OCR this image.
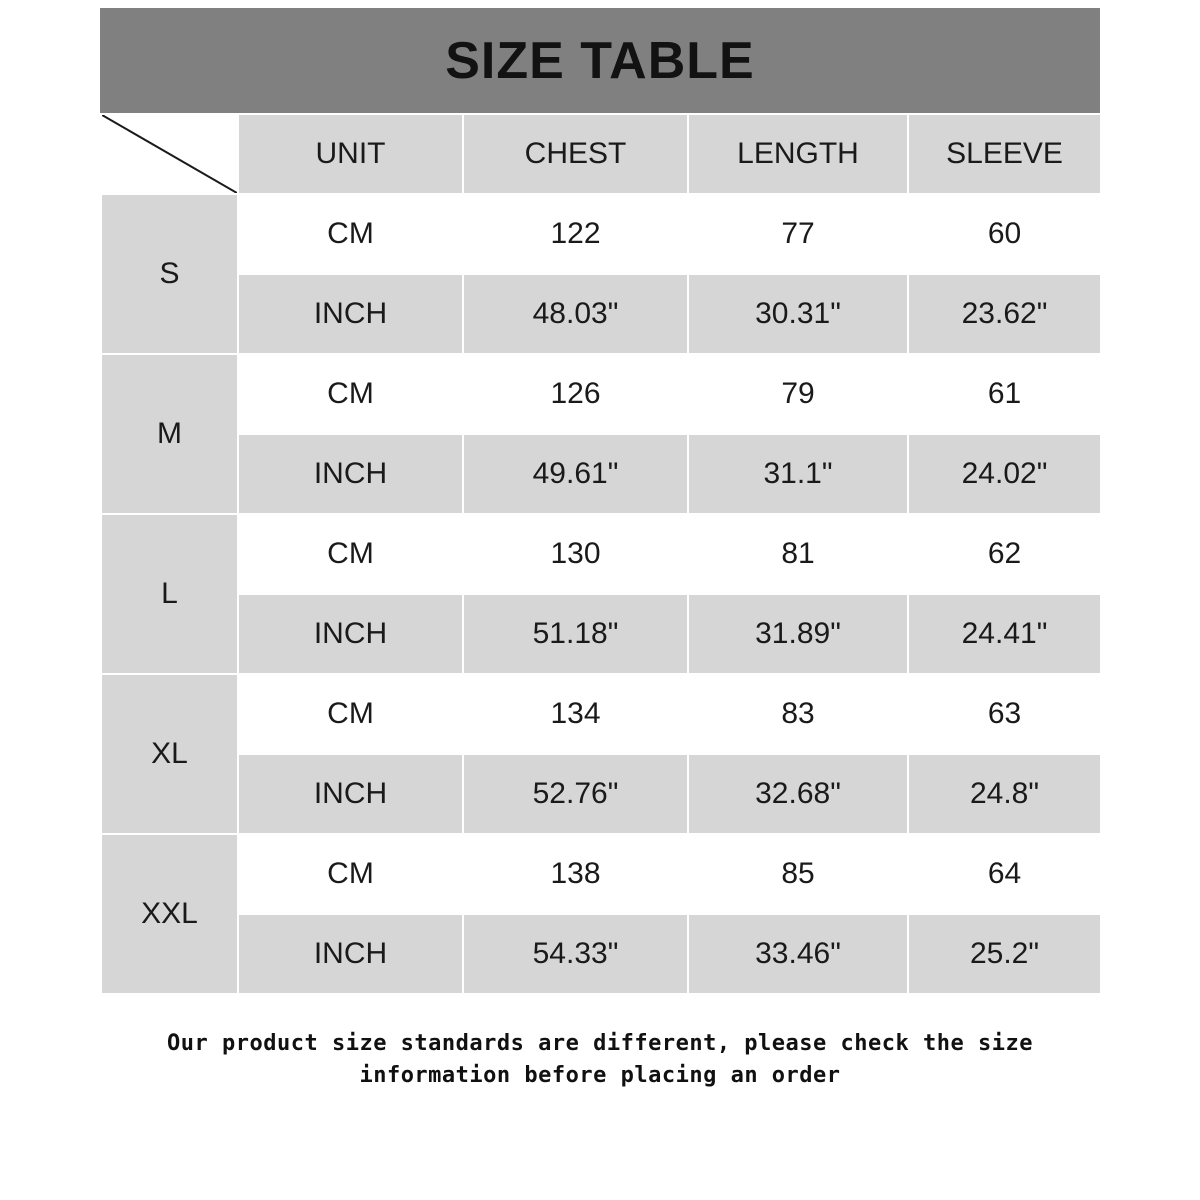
SIZE TABLE
	UNIT	CHEST	LENGTH	SLEEVE
S	CM	122	77	60
	INCH	48.03"	30.31"	23.62"
M	CM	126	79	61
	INCH	49.61"	31.1"	24.02"
L	CM	130	81	62
	INCH	51.18"	31.89"	24.41"
XL	CM	134	83	63
	INCH	52.76"	32.68"	24.8"
XXL	CM	138	85	64
	INCH	54.33"	33.46"	25.2"
Our product size standards are different, please check the size
information before placing an order
